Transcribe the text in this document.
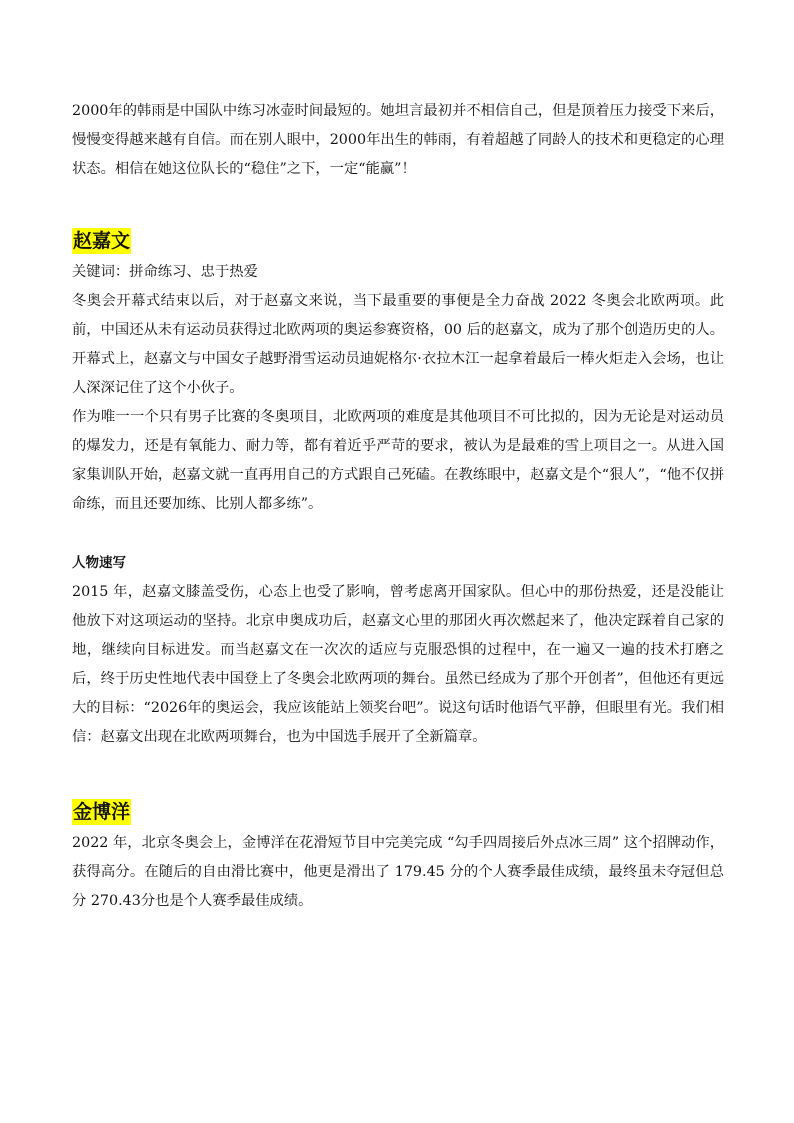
2000年的韩雨是中国队中练习冰壶时间最短的。她坦言最初并不相信自己，但是顶着压力接受下来后，慢慢变得越来越有自信。而在别人眼中，2000年出生的韩雨，有着超越了同龄人的技术和更稳定的心理状态。相信在她这位队长的“稳住”之下，一定“能赢”！

赵嘉文

关键词：拼命练习、忠于热爱

冬奥会开幕式结束以后，对于赵嘉文来说，当下最重要的事便是全力奋战 2022 冬奥会北欧两项。此前，中国还从未有运动员获得过北欧两项的奥运参赛资格，00 后的赵嘉文，成为了那个创造历史的人。开幕式上，赵嘉文与中国女子越野滑雪运动员迪妮格尔·衣拉木江一起拿着最后一棒火炬走入会场，也让人深深记住了这个小伙子。

作为唯一一个只有男子比赛的冬奥项目，北欧两项的难度是其他项目不可比拟的，因为无论是对运动员的爆发力，还是有氧能力、耐力等，都有着近乎严苛的要求，被认为是最难的雪上项目之一。从进入国家集训队开始，赵嘉文就一直再用自己的方式跟自己死磕。在教练眼中，赵嘉文是个“狠人”，“他不仅拼命练，而且还要加练、比别人都多练”。

人物速写

2015 年，赵嘉文膝盖受伤，心态上也受了影响，曾考虑离开国家队。但心中的那份热爱，还是没能让他放下对这项运动的坚持。北京申奥成功后，赵嘉文心里的那团火再次燃起来了，他决定踩着自己家的地，继续向目标进发。而当赵嘉文在一次次的适应与克服恐惧的过程中，在一遍又一遍的技术打磨之后，终于历史性地代表中国登上了冬奥会北欧两项的舞台。虽然已经成为了那个开创者”，但他还有更远大的目标：“2026年的奥运会，我应该能站上领奖台吧”。说这句话时他语气平静，但眼里有光。我们相信：赵嘉文出现在北欧两项舞台，也为中国选手展开了全新篇章。

金博洋

2022 年，北京冬奥会上，金博洋在花滑短节目中完美完成 “勾手四周接后外点冰三周” 这个招牌动作，获得高分。在随后的自由滑比赛中，他更是滑出了 179.45 分的个人赛季最佳成绩，最终虽未夺冠但总分 270.43分也是个人赛季最佳成绩。
